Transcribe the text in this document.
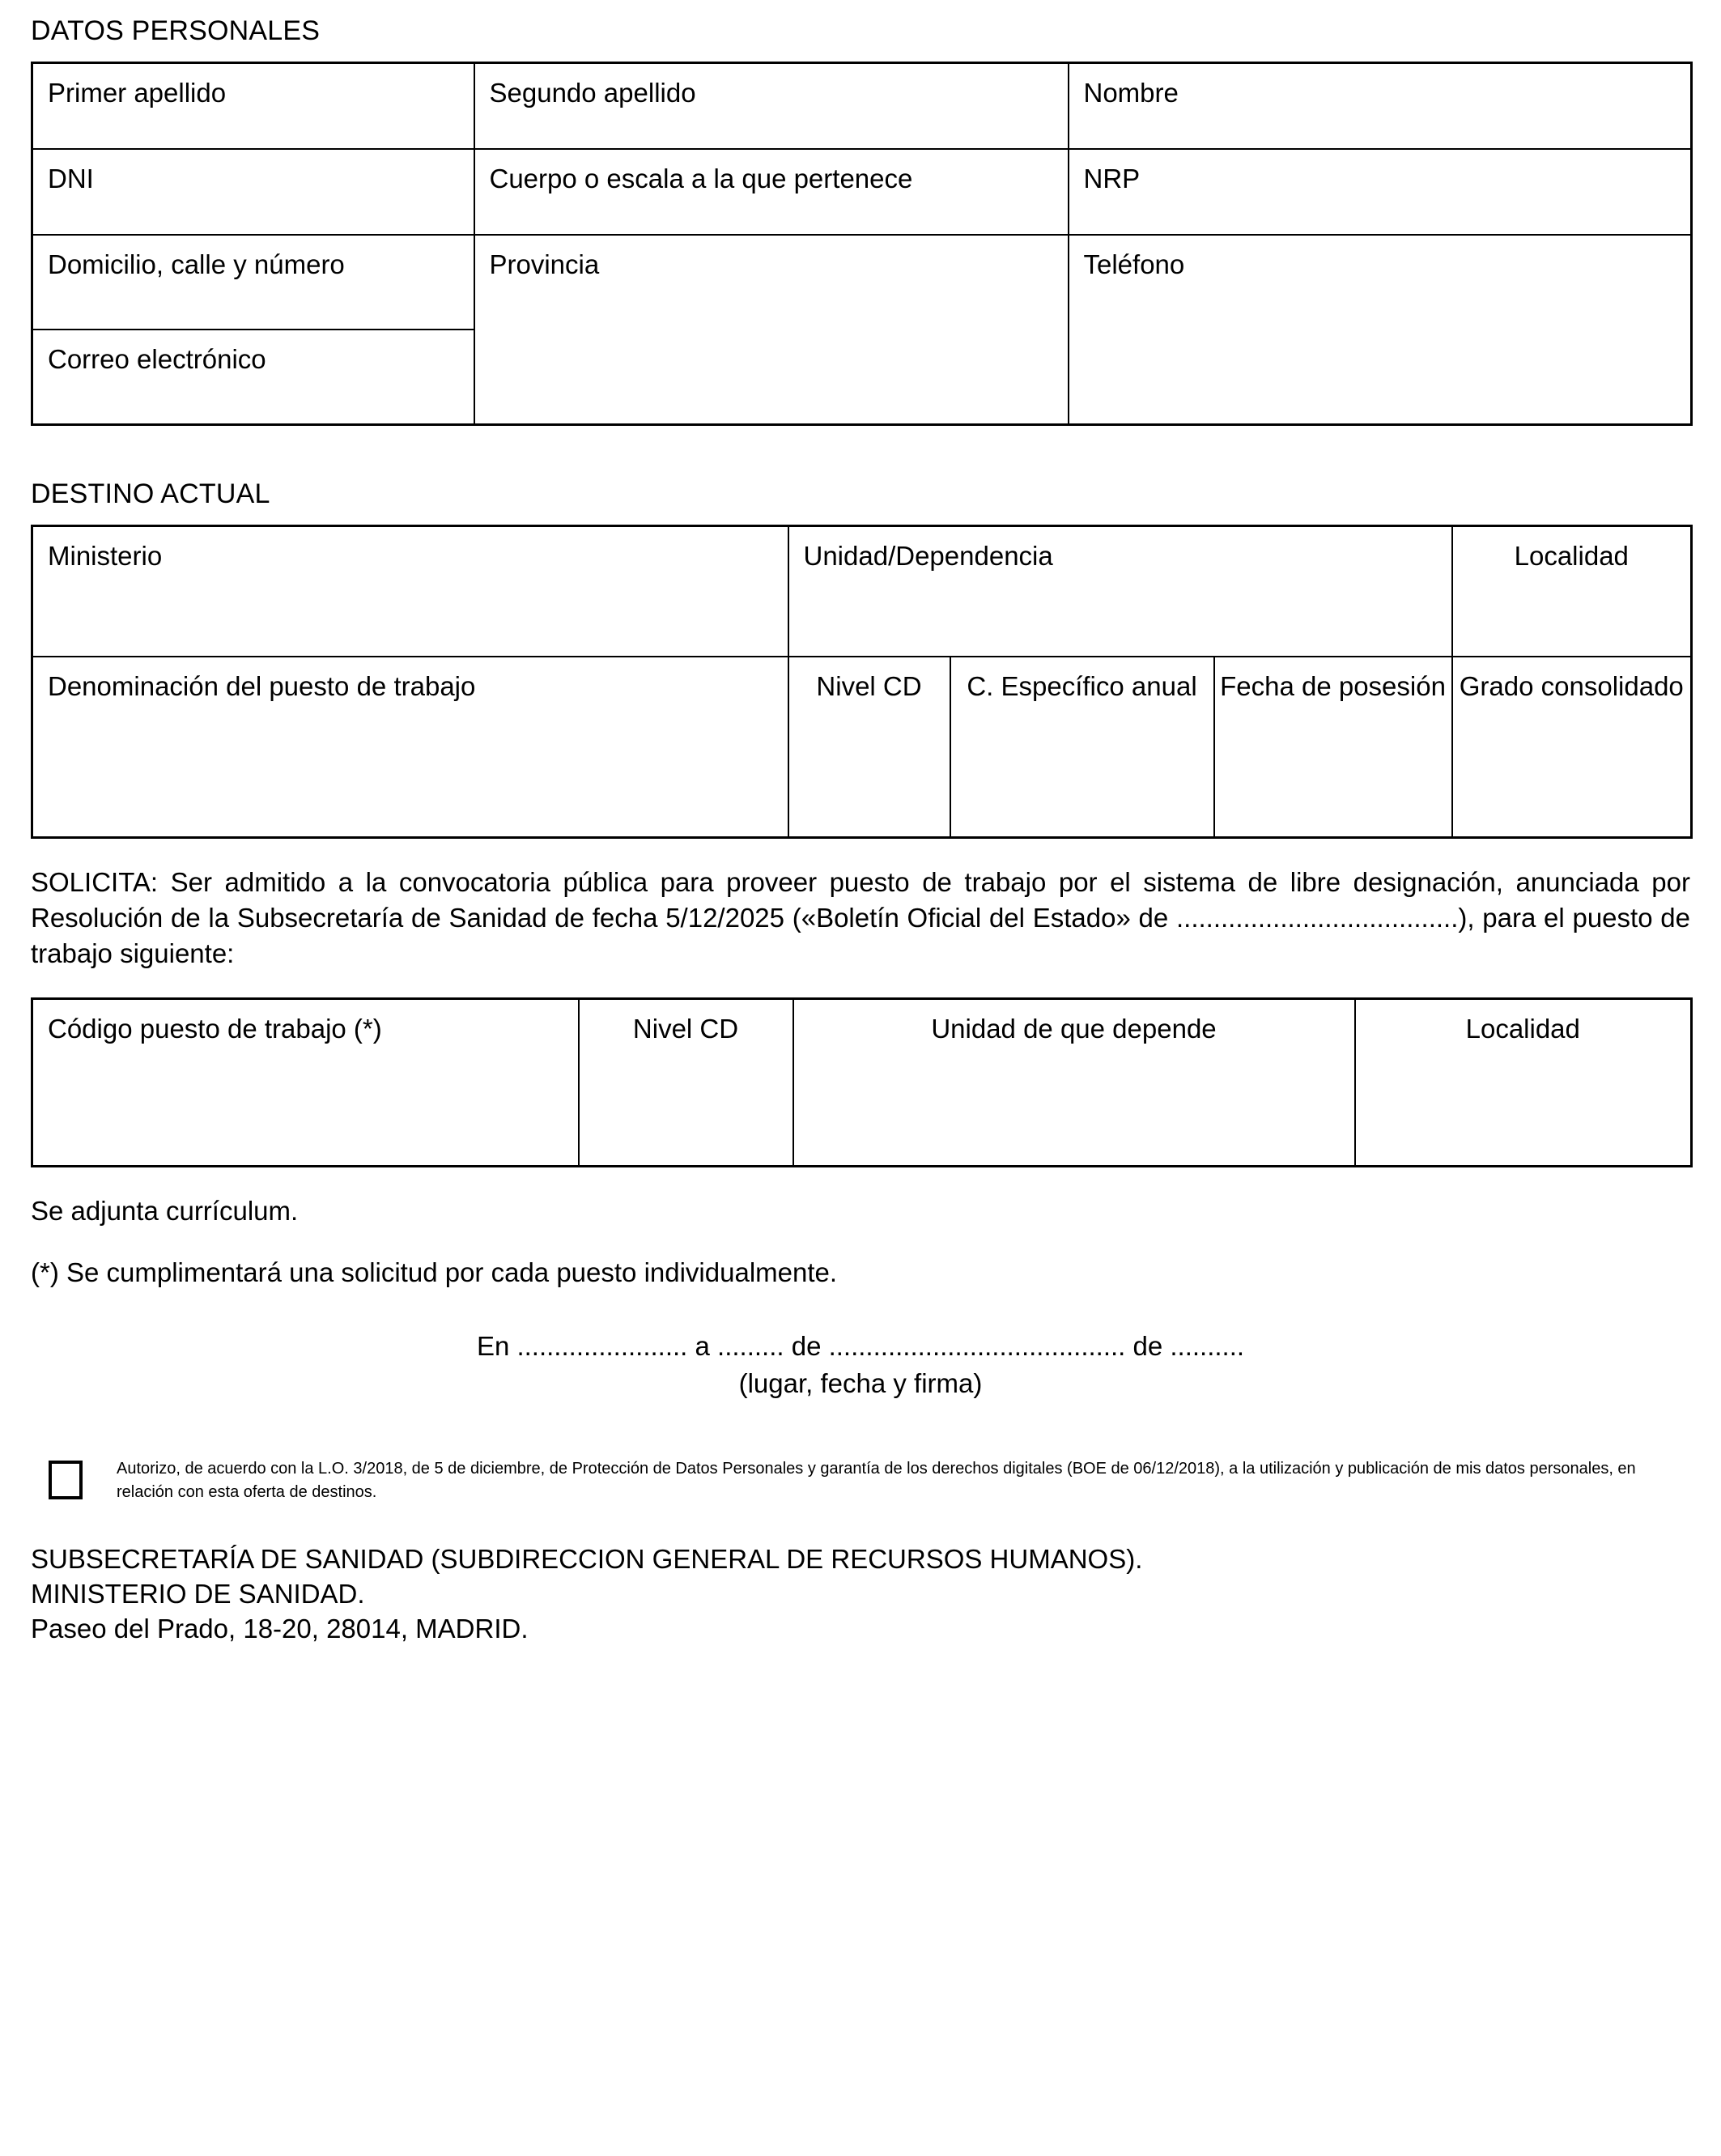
DATOS PERSONALES
Primer apellido	Segundo apellido	Nombre
DNI	Cuerpo o escala a la que pertenece	NRP
Domicilio, calle y número	Provincia	Teléfono
Correo electrónico		
DESTINO ACTUAL
Ministerio	Unidad/Dependencia			Localidad
Denominación del puesto de trabajo	Nivel CD	C. Específico anual	Fecha de posesión	Grado consolidado

SOLICITA: Ser admitido a la convocatoria pública para proveer puesto de trabajo por el sistema de libre designación, anunciada por Resolución de la Subsecretaría de Sanidad de fecha 5/12/2025 («Boletín Oficial del Estado» de ......................................), para el puesto de trabajo siguiente:

Código puesto de trabajo (*)	Nivel CD	Unidad de que depende	Localidad
Se adjunta currículum.
(*) Se cumplimentará una solicitud por cada puesto individualmente.
En ....................... a ......... de ........................................ de ..........
(lugar, fecha y firma)
Autorizo, de acuerdo con la L.O. 3/2018, de 5 de diciembre, de Protección de Datos Personales y garantía de los derechos digitales (BOE de 06/12/2018), a la utilización y publicación de mis datos personales, en relación con esta oferta de destinos.
SUBSECRETARÍA DE SANIDAD (SUBDIRECCION GENERAL DE RECURSOS HUMANOS).
MINISTERIO DE SANIDAD.
Paseo del Prado, 18-20, 28014, MADRID.
